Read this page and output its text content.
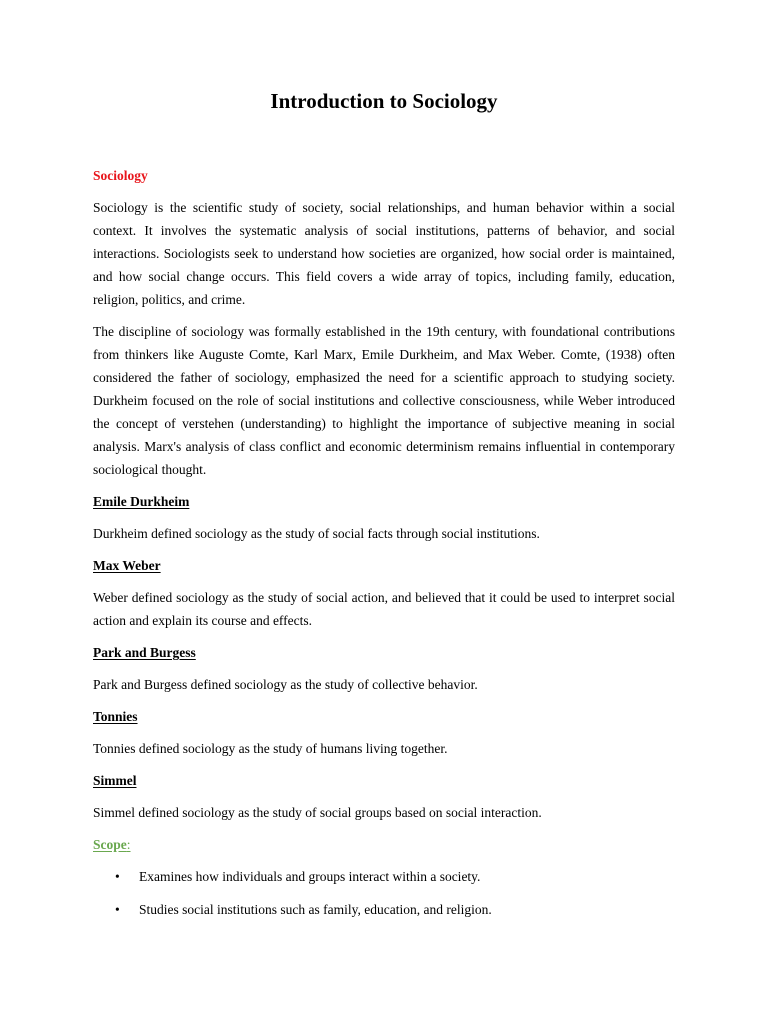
Introduction to Sociology
Sociology

Sociology is the scientific study of society, social relationships, and human behavior within a social context. It involves the systematic analysis of social institutions, patterns of behavior, and social interactions. Sociologists seek to understand how societies are organized, how social order is maintained, and how social change occurs. This field covers a wide array of topics, including family, education, religion, politics, and crime.

The discipline of sociology was formally established in the 19th century, with foundational contributions from thinkers like Auguste Comte, Karl Marx, Emile Durkheim, and Max Weber. Comte, (1938) often considered the father of sociology, emphasized the need for a scientific approach to studying society. Durkheim focused on the role of social institutions and collective consciousness, while Weber introduced the concept of verstehen (understanding) to highlight the importance of subjective meaning in social analysis. Marx's analysis of class conflict and economic determinism remains influential in contemporary sociological thought.

Emile Durkheim

Durkheim defined sociology as the study of social facts through social institutions.

Max Weber

Weber defined sociology as the study of social action, and believed that it could be used to interpret social action and explain its course and effects.

Park and Burgess

Park and Burgess defined sociology as the study of collective behavior.

Tonnies

Tonnies defined sociology as the study of humans living together.

Simmel

Simmel defined sociology as the study of social groups based on social interaction.

Scope:
• Examines how individuals and groups interact within a society.
• Studies social institutions such as family, education, and religion.
